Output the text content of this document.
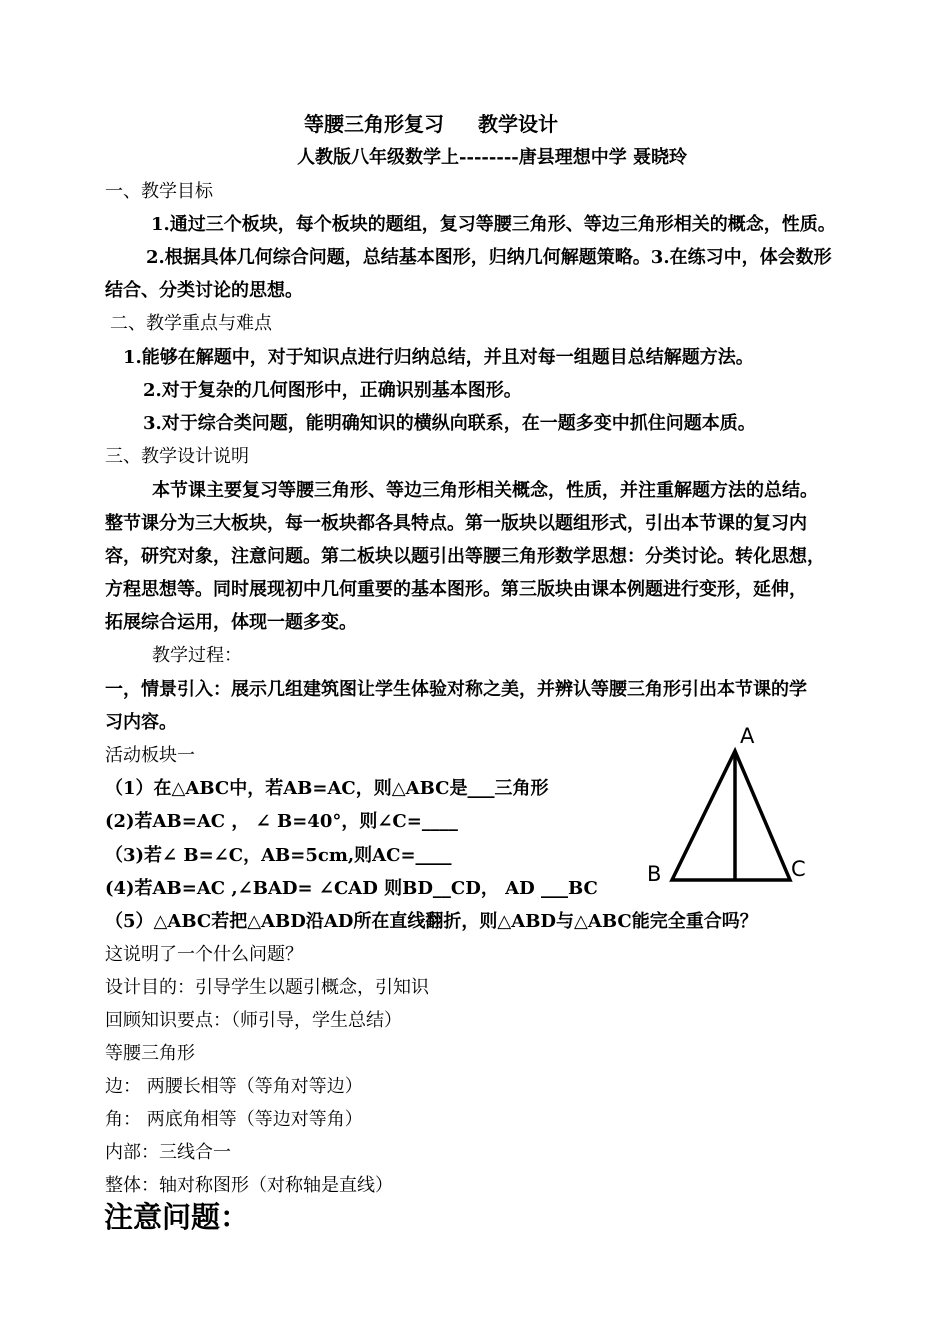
等腰三角形复习 教学设计
人教版八年级数学上--------唐县理想中学 聂晓玲
一、教学目标
1.通过三个板块，每个板块的题组，复习等腰三角形、等边三角形相关的概念，性质。
2.根据具体几何综合问题，总结基本图形，归纳几何解题策略。3.在练习中，体会数形
结合、分类讨论的思想。
二、教学重点与难点
1.能够在解题中，对于知识点进行归纳总结，并且对每一组题目总结解题方法。
2.对于复杂的几何图形中，正确识别基本图形。
3.对于综合类问题，能明确知识的横纵向联系，在一题多变中抓住问题本质。
三、教学设计说明
本节课主要复习等腰三角形、等边三角形相关概念，性质，并注重解题方法的总结。
整节课分为三大板块，每一板块都各具特点。第一版块以题组形式，引出本节课的复习内
容，研究对象，注意问题。第二板块以题引出等腰三角形数学思想：分类讨论。转化思想，
方程思想等。同时展现初中几何重要的基本图形。第三版块由课本例题进行变形，延伸，
拓展综合运用，体现一题多变。
教学过程：
一，情景引入：展示几组建筑图让学生体验对称之美，并辨认等腰三角形引出本节课的学
习内容。
活动板块一
（1）在△ABC中，若AB=AC，则△ABC是___三角形
(2)若AB=AC ， ∠ B=40°，则∠C=____
（3)若∠ B=∠C，AB=5cm,则AC=____
(4)若AB=AC ,∠BAD= ∠CAD 则BD__CD， AD ___BC
（5）△ABC若把△ABD沿AD所在直线翻折，则△ABD与△ABC能完全重合吗？
这说明了一个什么问题？
设计目的：引导学生以题引概念，引知识
回顾知识要点：（师引导，学生总结）
等腰三角形
边： 两腰长相等（等角对等边）
角： 两底角相等（等边对等角）
内部：三线合一
整体：轴对称图形（对称轴是直线）
注意问题：
A
B	C
